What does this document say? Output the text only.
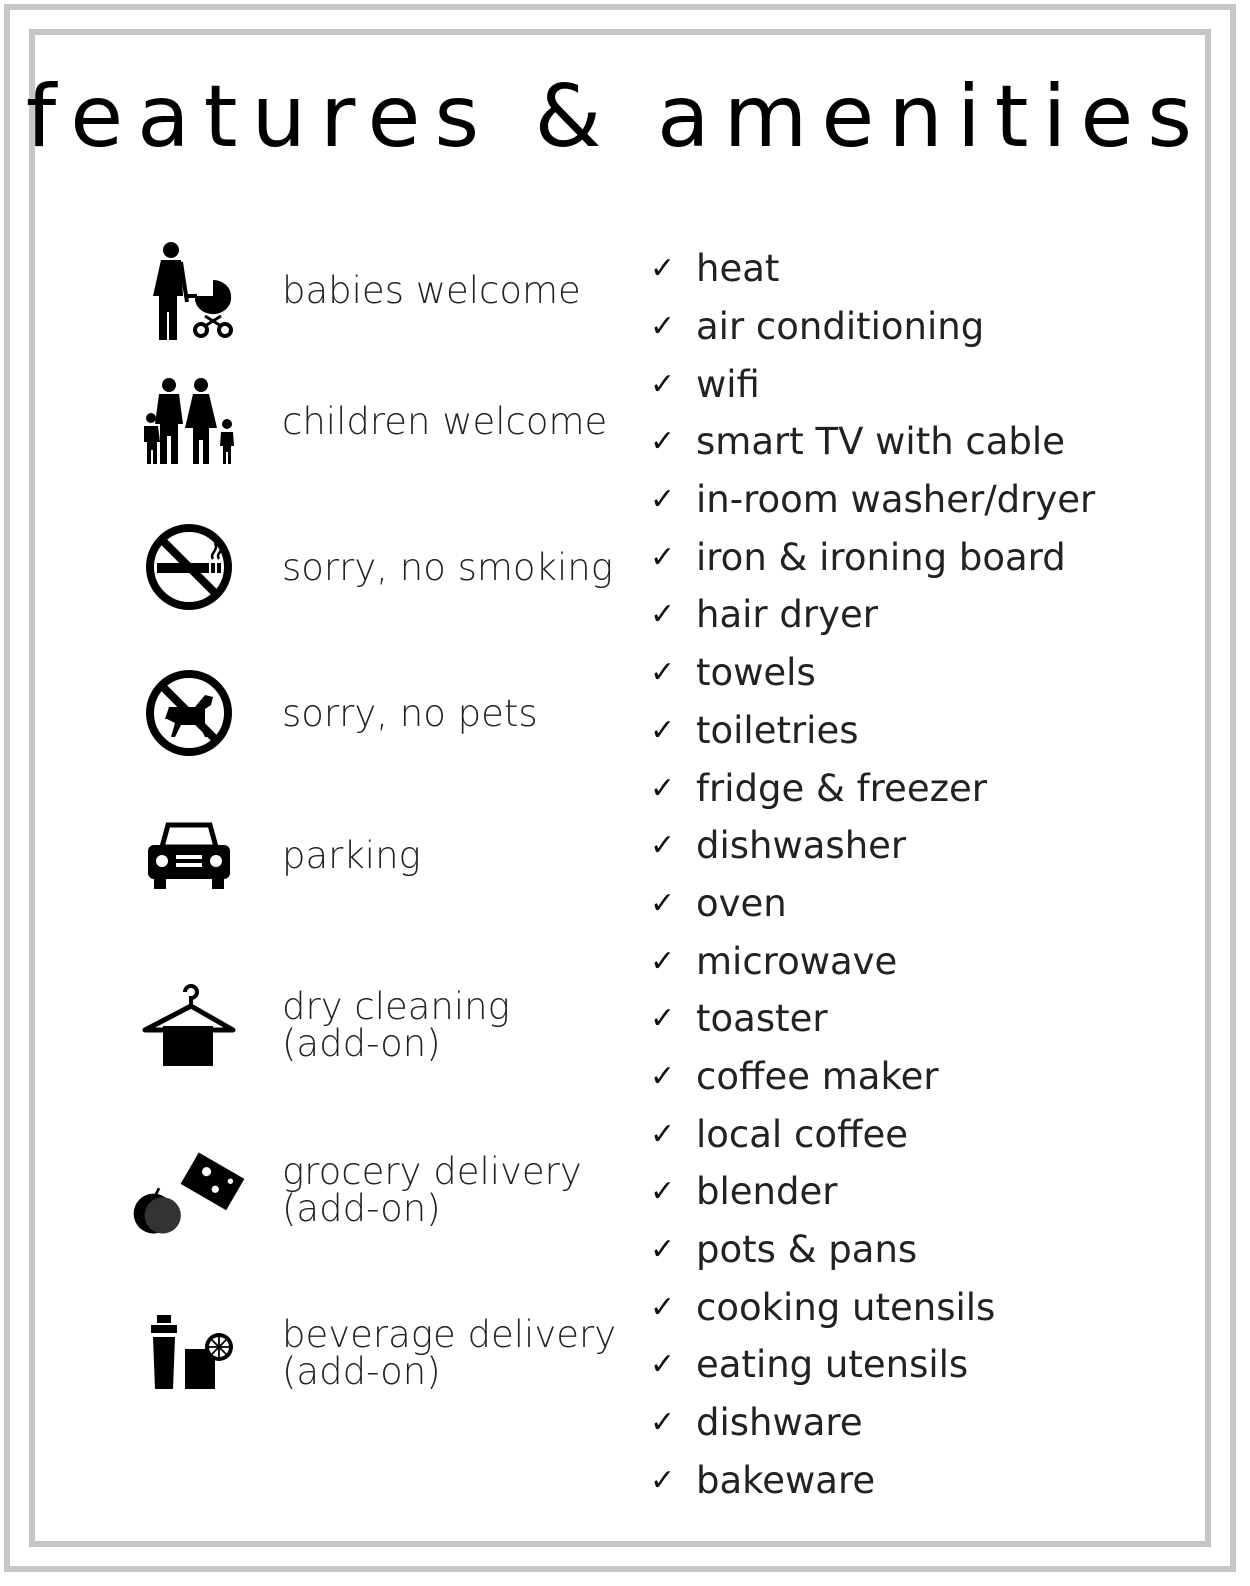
features & amenities
babies welcome
children welcome
sorry, no smoking
sorry, no pets
parking
dry cleaning
(add-on)
grocery delivery
(add-on)
beverage delivery
(add-on)
✓ heat
✓ air conditioning
✓ wifi
✓ smart TV with cable
✓ in-room washer/dryer
✓ iron & ironing board
✓ hair dryer
✓ towels
✓ toiletries
✓ fridge & freezer
✓ dishwasher
✓ oven
✓ microwave
✓ toaster
✓ coffee maker
✓ local coffee
✓ blender
✓ pots & pans
✓ cooking utensils
✓ eating utensils
✓ dishware
✓ bakeware
